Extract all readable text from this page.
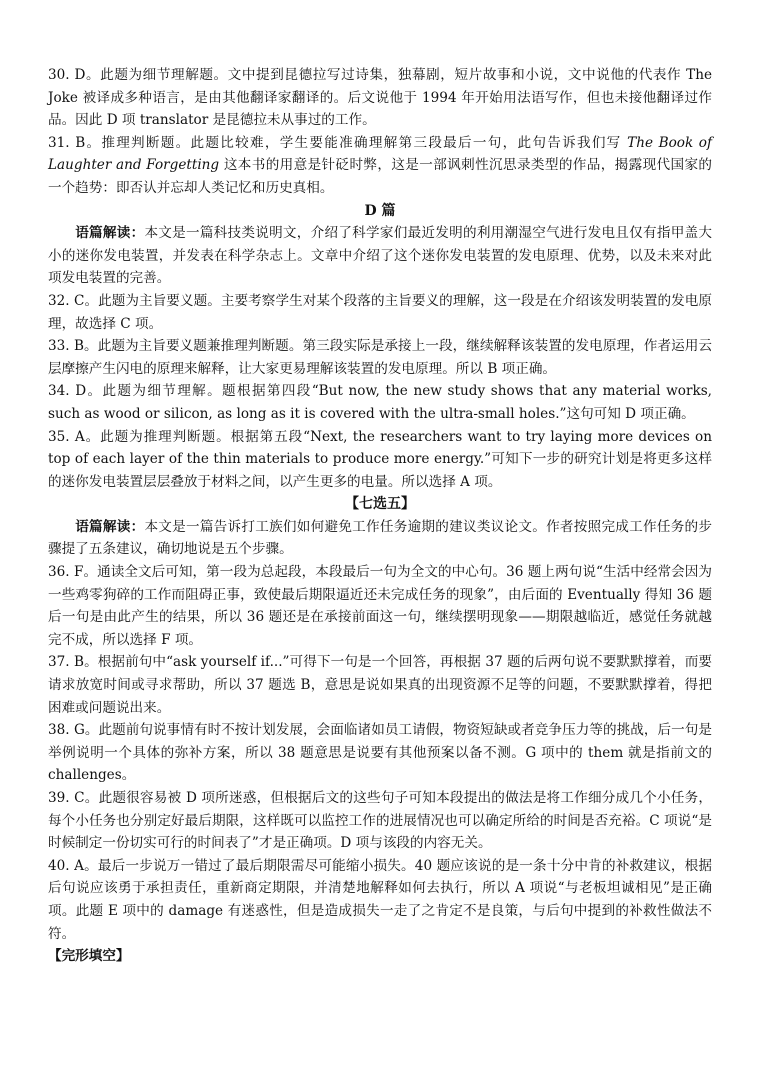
30. D。此题为细节理解题。文中提到昆德拉写过诗集，独幕剧，短片故事和小说，文中说他的代表作 The Joke 被译成多种语言，是由其他翻译家翻译的。后文说他于 1994 年开始用法语写作，但也未接他翻译过作品。因此 D 项 translator 是昆德拉未从事过的工作。

31. B。推理判断题。此题比较难，学生要能准确理解第三段最后一句，此句告诉我们写 The Book of Laughter and Forgetting 这本书的用意是针砭时弊，这是一部讽刺性沉思录类型的作品，揭露现代国家的一个趋势：即否认并忘却人类记忆和历史真相。

D 篇

语篇解读：本文是一篇科技类说明文，介绍了科学家们最近发明的利用潮湿空气进行发电且仅有指甲盖大小的迷你发电装置，并发表在科学杂志上。文章中介绍了这个迷你发电装置的发电原理、优势，以及未来对此项发电装置的完善。

32. C。此题为主旨要义题。主要考察学生对某个段落的主旨要义的理解，这一段是在介绍该发明装置的发电原理，故选择 C 项。

33. B。此题为主旨要义题兼推理判断题。第三段实际是承接上一段，继续解释该装置的发电原理，作者运用云层摩擦产生闪电的原理来解释，让大家更易理解该装置的发电原理。所以 B 项正确。

34. D。此题为细节理解。题根据第四段“But now, the new study shows that any material works, such as wood or silicon, as long as it is covered with the ultra-small holes.”这句可知 D 项正确。

35. A。此题为推理判断题。根据第五段“Next, the researchers want to try laying more devices on top of each layer of the thin materials to produce more energy.”可知下一步的研究计划是将更多这样的迷你发电装置层层叠放于材料之间，以产生更多的电量。所以选择 A 项。

【七选五】

语篇解读：本文是一篇告诉打工族们如何避免工作任务逾期的建议类议论文。作者按照完成工作任务的步骤提了五条建议，确切地说是五个步骤。

36. F。通读全文后可知，第一段为总起段，本段最后一句为全文的中心句。36 题上两句说“生活中经常会因为一些鸡零狗碎的工作而阻碍正事，致使最后期限逼近还未完成任务的现象”，由后面的 Eventually 得知 36 题后一句是由此产生的结果，所以 36 题还是在承接前面这一句，继续摆明现象——期限越临近，感觉任务就越完不成，所以选择 F 项。

37. B。根据前句中“ask yourself if...”可得下一句是一个回答，再根据 37 题的后两句说不要默默撑着，而要请求放宽时间或寻求帮助，所以 37 题选 B，意思是说如果真的出现资源不足等的问题，不要默默撑着，得把困难或问题说出来。

38. G。此题前句说事情有时不按计划发展，会面临诸如员工请假，物资短缺或者竞争压力等的挑战，后一句是举例说明一个具体的弥补方案，所以 38 题意思是说要有其他预案以备不测。G 项中的 them 就是指前文的 challenges。

39. C。此题很容易被 D 项所迷惑，但根据后文的这些句子可知本段提出的做法是将工作细分成几个小任务，每个小任务也分别定好最后期限，这样既可以监控工作的进展情况也可以确定所给的时间是否充裕。C 项说“是时候制定一份切实可行的时间表了”才是正确项。D 项与该段的内容无关。

40. A。最后一步说万一错过了最后期限需尽可能缩小损失。40 题应该说的是一条十分中肯的补救建议，根据后句说应该勇于承担责任，重新商定期限，并清楚地解释如何去执行，所以 A 项说“与老板坦诚相见”是正确项。此题 E 项中的 damage 有迷惑性，但是造成损失一走了之肯定不是良策，与后句中提到的补救性做法不符。

【完形填空】
